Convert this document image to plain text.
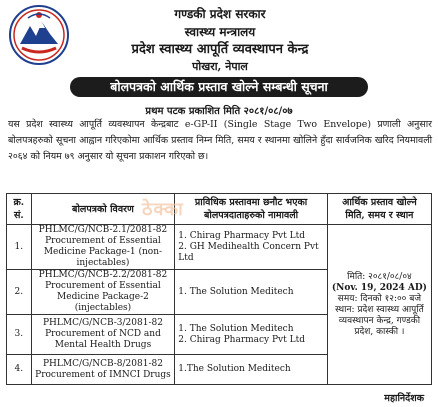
गण्डकी प्रदेश सरकार
स्वास्थ्य मन्त्रालय
प्रदेश स्वास्थ्य आपूर्ति व्यवस्थापन केन्द्र
पोखरा, नेपाल
बोलपत्रको आर्थिक प्रस्ताव खोल्ने सम्बन्धी सूचना
प्रथम पटक प्रकाशित मिति २०८१/०८/०७
यस प्रदेश स्वास्थ्य आपूर्ति व्यवस्थापन केन्द्रबाट e-GP-II (Single Stage Two Envelope) प्रणाली अनुसार बोलपत्रहरुको सूचना आह्वान गरिएकोमा आर्थिक प्रस्ताव निम्न मिति, समय र स्थानमा खोलिने हुँदा सार्वजनिक खरिद नियमावली २०६४ को नियम ७९ अनुसार यो सूचना प्रकाशन गरिएको छ।
क्र. सं.	बोलपत्रको विवरण	प्राविधिक प्रस्तावमा छनौट भएका बोलपत्रदाताहरुको नामावली	आर्थिक प्रस्ताव खोल्ने मिति, समय र स्थान
1.	PHLMC/G/NCB-2.1/2081-82
Procurement of Essential Medicine Package-1 (non-injectables)	1. Chirag Pharmacy Pvt Ltd
2. GH Medihealth Concern Pvt Ltd	मिति: २०८१/०८/०४
(Nov. 19, 2024 AD)
समय: दिनको १२:०० बजे
स्थान: प्रदेश स्वास्थ्य आपूर्ति व्यवस्थापन केन्द्र, गण्डकी प्रदेश, कास्की ।

2.	PHLMC/G/NCB-2.2/2081-82
Procurement of Essential Medicine Package-2 (injectables)	1. The Solution Meditech	

3.	PHLMC/G/NCB-3/2081-82
Procurement of NCD and Mental Health Drugs	1. The Solution Meditech
2. Chirag Pharmacy Pvt Ltd	

4.	PHLMC/G/NCB-8/2081-82
Procurement of IMNCI Drugs	1.The Solution Meditech	
ठेक्का
महानिर्देशक
